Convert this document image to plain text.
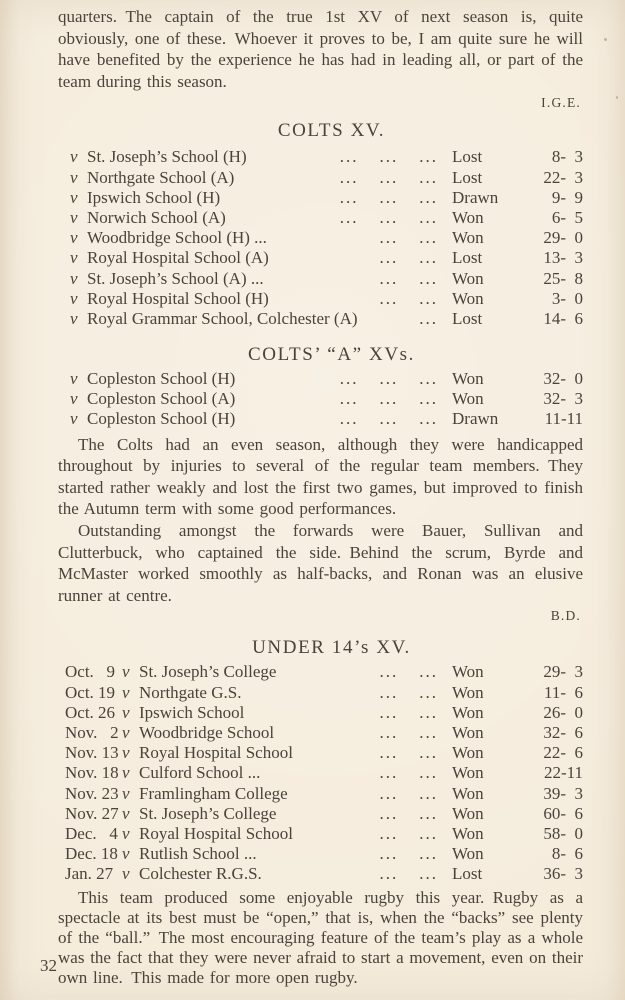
quarters. The captain of the true 1st XV of next season is, quite obviously, one of these. Whoever it proves to be, I am quite sure he will have benefited by the experience he has had in leading all, or part of the team during this season.

I.G.E.
COLTS XV.
v St. Joseph’s School (H)	...  ...  ... Lost	8- 3
v Northgate School (A)	...  ...  ... Lost	22- 3
v Ipswich School (H)	...  ...  ... Drawn	9- 9
v Norwich School (A)	...  ...  ... Won	6- 5
v Woodbridge School (H) ...	...  ... Won	29- 0
v Royal Hospital School (A)	...  ... Lost	13- 3
v St. Joseph’s School (A) ...	...  ... Won	25- 8
v Royal Hospital School (H)	...  ... Won	3- 0
v Royal Grammar School, Colchester (A)	... Lost	14- 6
COLTS’ “A” XVs.
v Copleston School (H)	...  ...  ... Won	32- 0
v Copleston School (A)	...  ...  ... Won	32- 3
v Copleston School (H)	...  ...  ... Drawn	11-11

The Colts had an even season, although they were handicapped throughout by injuries to several of the regular team members. They started rather weakly and lost the first two games, but improved to finish the Autumn term with some good performances.

Outstanding amongst the forwards were Bauer, Sullivan and Clutterbuck, who captained the side. Behind the scrum, Byrde and McMaster worked smoothly as half-backs, and Ronan was an elusive runner at centre.

B.D.
UNDER 14’s XV.
Oct.  9 v St. Joseph’s College	...  ... Won	29- 3
Oct. 19 v Northgate G.S.	...  ... Won	11- 6
Oct. 26 v Ipswich School	...  ... Won	26- 0
Nov.  2 v Woodbridge School	...  ... Won	32- 6
Nov. 13 v Royal Hospital School	...  ... Won	22- 6
Nov. 18 v Culford School ...	...  ... Won	22-11
Nov. 23 v Framlingham College	...  ... Won	39- 3
Nov. 27 v St. Joseph’s College	...  ... Won	60- 6
Dec.  4 v Royal Hospital School	...  ... Won	58- 0
Dec. 18 v Rutlish School ...	...  ... Won	8- 6
Jan. 27 v Colchester R.G.S.	...  ... Lost	36- 3

This team produced some enjoyable rugby this year. Rugby as a spectacle at its best must be “open,” that is, when the “backs” see plenty of the “ball.” The most encouraging feature of the team’s play as a whole was the fact that they were never afraid to start a movement, even on their own line. This made for more open rugby.

32
